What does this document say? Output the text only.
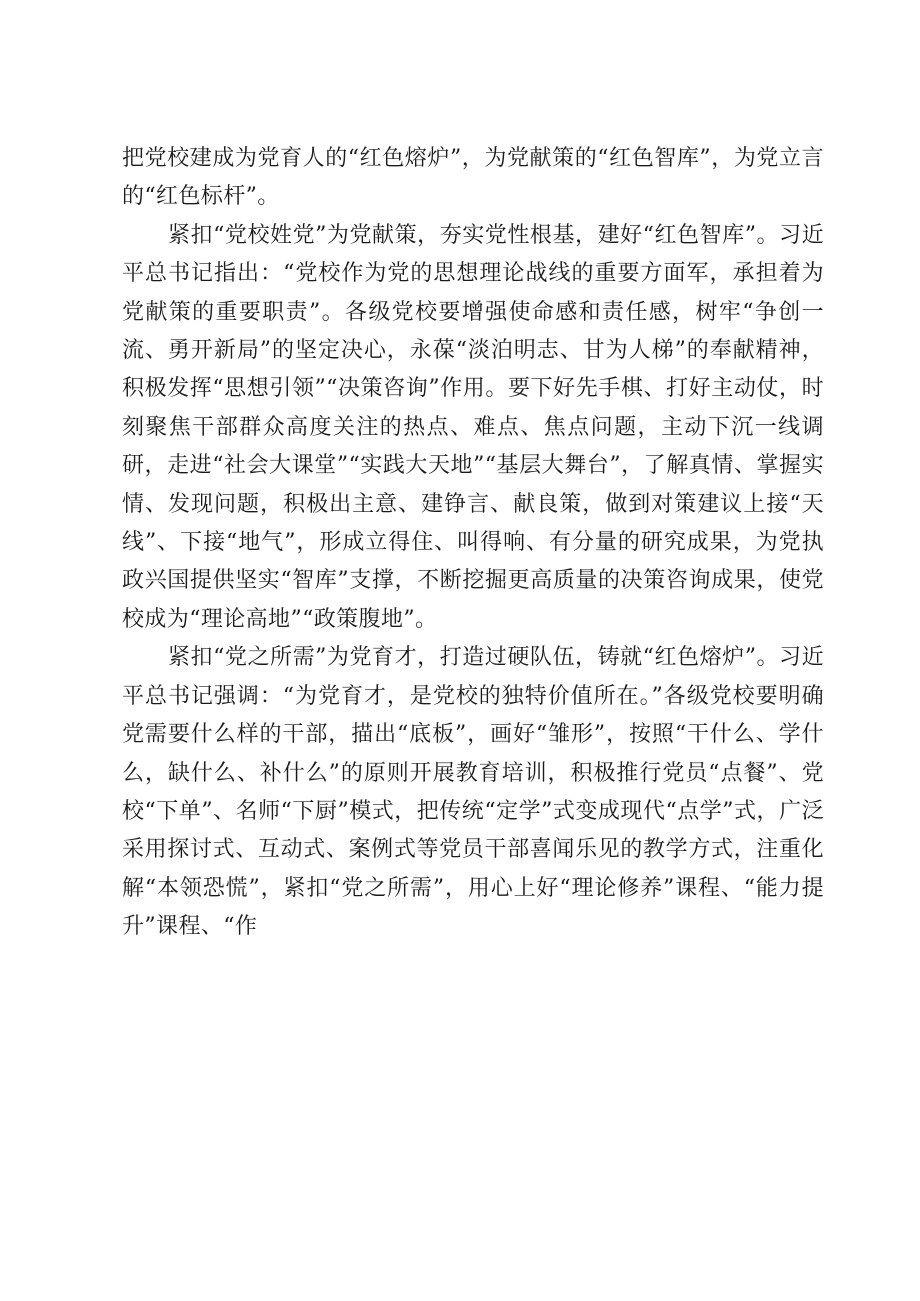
把党校建成为党育人的“红色熔炉”，为党献策的“红色智库”，为党立言的“红色标杆”。

紧扣“党校姓党”为党献策，夯实党性根基，建好“红色智库”。习近平总书记指出：“党校作为党的思想理论战线的重要方面军，承担着为党献策的重要职责”。各级党校要增强使命感和责任感，树牢“争创一流、勇开新局”的坚定决心，永葆“淡泊明志、甘为人梯”的奉献精神，积极发挥“思想引领”“决策咨询”作用。要下好先手棋、打好主动仗，时刻聚焦干部群众高度关注的热点、难点、焦点问题，主动下沉一线调研，走进“社会大课堂”“实践大天地”“基层大舞台”，了解真情、掌握实情、发现问题，积极出主意、建铮言、献良策，做到对策建议上接“天线”、下接“地气”，形成立得住、叫得响、有分量的研究成果，为党执政兴国提供坚实“智库”支撑，不断挖掘更高质量的决策咨询成果，使党校成为“理论高地”“政策腹地”。

紧扣“党之所需”为党育才，打造过硬队伍，铸就“红色熔炉”。习近平总书记强调：“为党育才，是党校的独特价值所在。”各级党校要明确党需要什么样的干部，描出“底板”，画好“雏形”，按照“干什么、学什么，缺什么、补什么”的原则开展教育培训，积极推行党员“点餐”、党校“下单”、名师“下厨”模式，把传统“定学”式变成现代“点学”式，广泛采用探讨式、互动式、案例式等党员干部喜闻乐见的教学方式，注重化解“本领恐慌”，紧扣“党之所需”，用心上好“理论修养”课程、“能力提升”课程、“作
